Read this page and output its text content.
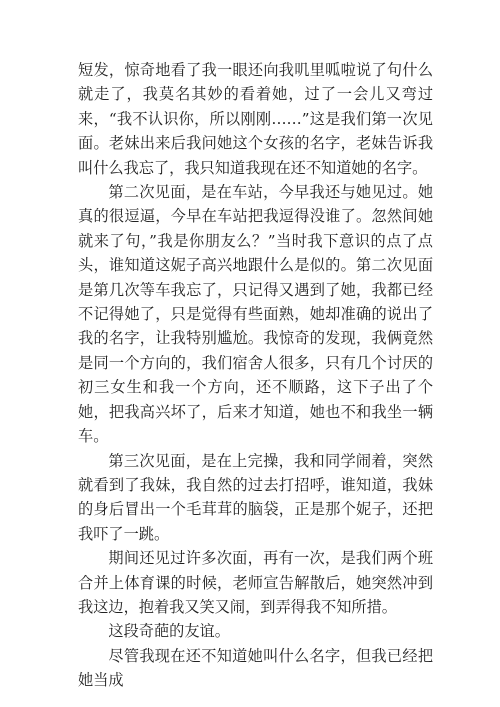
短发，惊奇地看了我一眼还向我叽里呱啦说了句什么就走了，我莫名其妙的看着她，过了一会儿又弯过来，“我不认识你，所以刚刚……”这是我们第一次见面。老妹出来后我问她这个女孩的名字，老妹告诉我叫什么我忘了，我只知道我现在还不知道她的名字。

第二次见面，是在车站，今早我还与她见过。她真的很逗逼，今早在车站把我逗得没谁了。忽然间她就来了句，”我是你朋友么？”当时我下意识的点了点头，谁知道这妮子高兴地跟什么是似的。第二次见面是第几次等车我忘了，只记得又遇到了她，我都已经不记得她了，只是觉得有些面熟，她却准确的说出了我的名字，让我特别尴尬。我惊奇的发现，我俩竟然是同一个方向的，我们宿舍人很多，只有几个讨厌的初三女生和我一个方向，还不顺路，这下子出了个她，把我高兴坏了，后来才知道，她也不和我坐一辆车。

第三次见面，是在上完操，我和同学闹着，突然就看到了我妹，我自然的过去打招呼，谁知道，我妹的身后冒出一个毛茸茸的脑袋，正是那个妮子，还把我吓了一跳。

期间还见过许多次面，再有一次，是我们两个班合并上体育课的时候，老师宣告解散后，她突然冲到我这边，抱着我又笑又闹，到弄得我不知所措。

这段奇葩的友谊。

尽管我现在还不知道她叫什么名字，但我已经把她当成
